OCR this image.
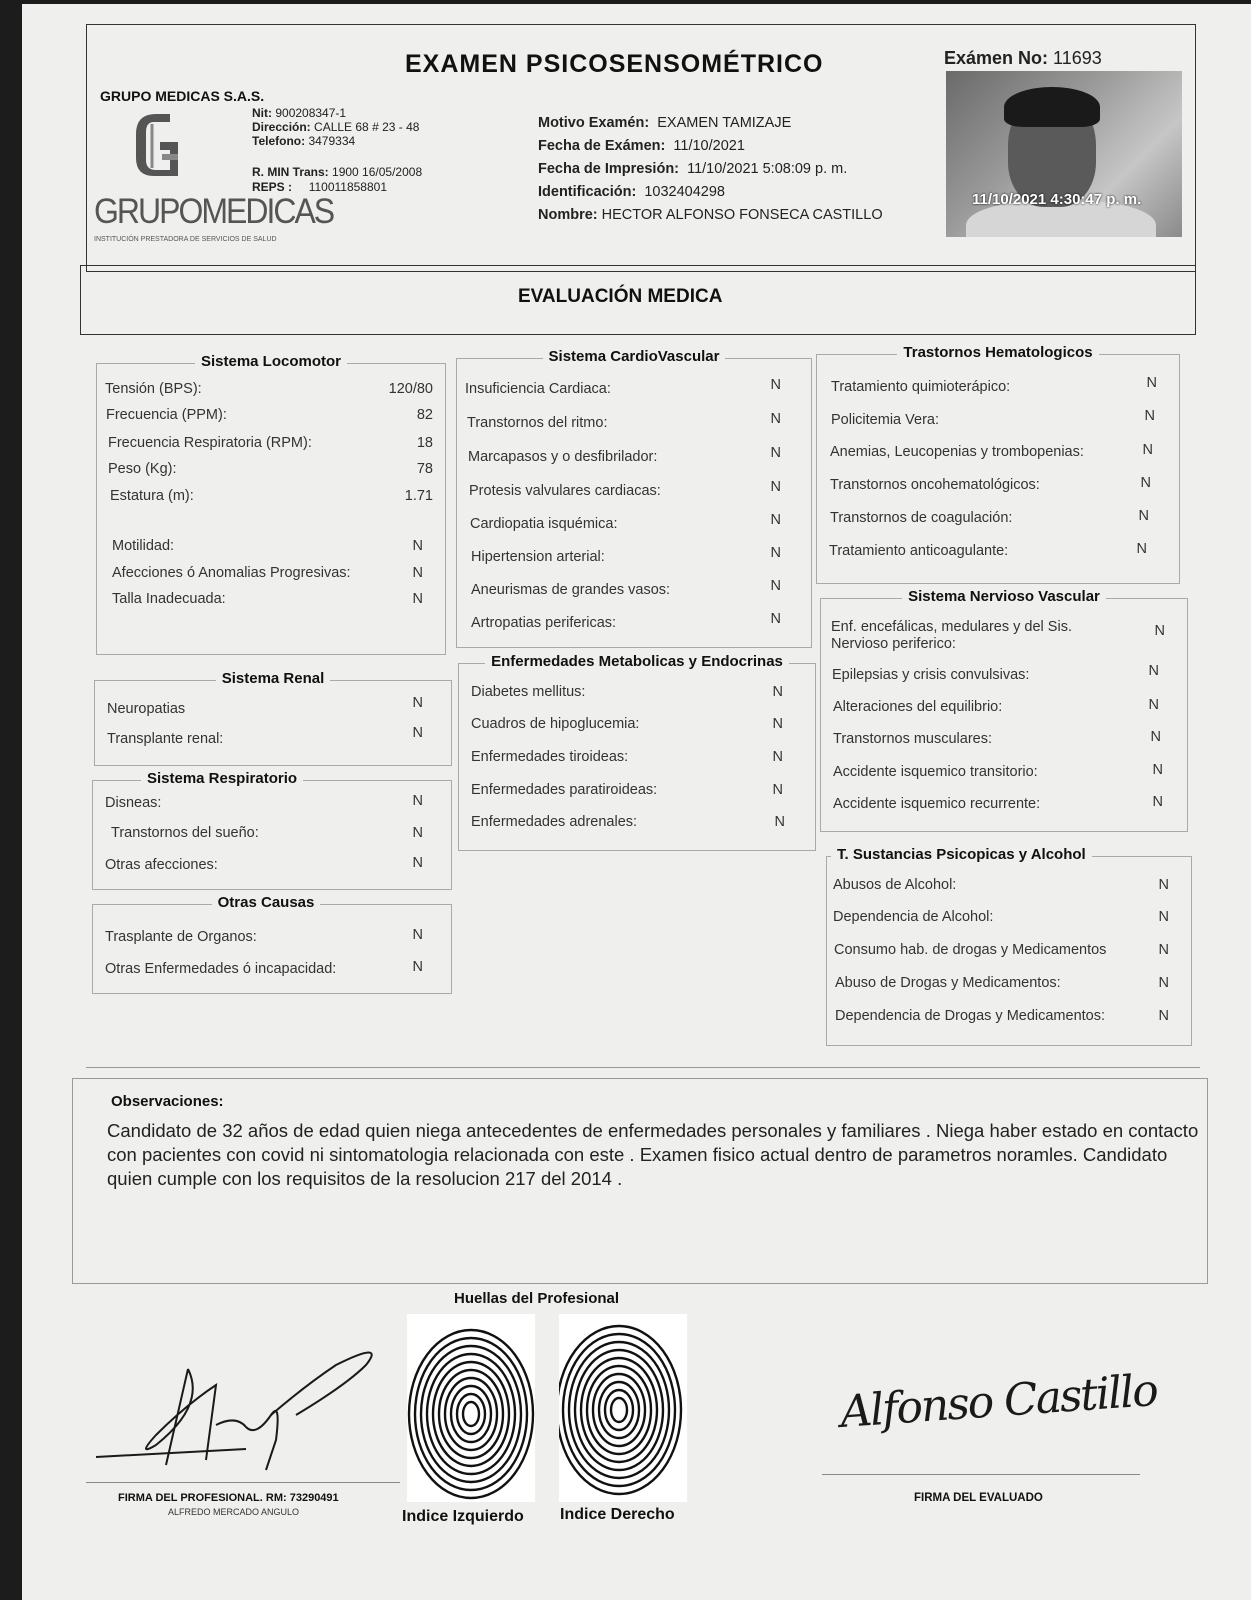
EXAMEN PSICOSENSOMÉTRICO	Exámen No: 11693
GRUPO MEDICAS S.A.S.
GRUPOMEDICAS
INSTITUCIÓN PRESTADORA DE SERVICIOS DE SALUD
Nit: 900208347-1
Dirección: CALLE 68 # 23 - 48
Telefono: 3479334
R. MIN Trans: 1900 16/05/2008
REPS : 110011858801
Motivo Examén: EXAMEN TAMIZAJE
Fecha de Exámen: 11/10/2021
Fecha de Impresión: 11/10/2021 5:08:09 p. m.
Identificación: 1032404298
Nombre: HECTOR ALFONSO FONSECA CASTILLO
11/10/2021 4:30:47 p. m.
EVALUACIÓN MEDICA
Sistema Locomotor
Tensión (BPS):	120/80
Frecuencia (PPM):	82
Frecuencia Respiratoria (RPM):	18
Peso (Kg):	78
Estatura (m):	1.71
Motilidad:	N
Afecciones ó Anomalias Progresivas:	N
Talla Inadecuada:	N
Sistema Renal
Neuropatias	N
Transplante renal:	N
Sistema Respiratorio
Disneas:	N
Transtornos del sueño:	N
Otras afecciones:	N
Otras Causas
Trasplante de Organos:	N
Otras Enfermedades ó incapacidad:	N
Sistema CardioVascular
Insuficiencia Cardiaca:	N
Transtornos del ritmo:	N
Marcapasos y o desfibrilador:	N
Protesis valvulares cardiacas:	N
Cardiopatia isquémica:	N
Hipertension arterial:	N
Aneurismas de grandes vasos:	N
Artropatias perifericas:	N
Enfermedades Metabolicas y Endocrinas
Diabetes mellitus:	N
Cuadros de hipoglucemia:	N
Enfermedades tiroideas:	N
Enfermedades paratiroideas:	N
Enfermedades adrenales:	N
Trastornos Hematologicos
Tratamiento quimioterápico:	N
Policitemia Vera:	N
Anemias, Leucopenias y trombopenias:	N
Transtornos oncohematológicos:	N
Transtornos de coagulación:	N
Tratamiento anticoagulante:	N
Sistema Nervioso Vascular
Enf. encefálicas, medulares y del Sis. Nervioso periferico:
N
Epilepsias y crisis convulsivas:	N
Alteraciones del equilibrio:	N
Transtornos musculares:	N
Accidente isquemico transitorio:	N
Accidente isquemico recurrente:	N
T. Sustancias Psicopicas y Alcohol
Abusos de Alcohol:	N
Dependencia de Alcohol:	N
Consumo hab. de drogas y Medicamentos	N
Abuso de Drogas y Medicamentos:	N
Dependencia de Drogas y Medicamentos:	N
Observaciones:
Candidato de 32 años de edad quien niega antecedentes de enfermedades personales y familiares . Niega haber estado en contacto con pacientes con covid ni sintomatologia relacionada con este . Examen fisico actual dentro de parametros noramles. Candidato quien cumple con los requisitos de la resolucion 217 del 2014 .
Huellas del Profesional
Indice Izquierdo Indice Derecho
FIRMA DEL PROFESIONAL. RM: 73290491
ALFREDO MERCADO ANGULO
Alfonso Castillo
FIRMA DEL EVALUADO
